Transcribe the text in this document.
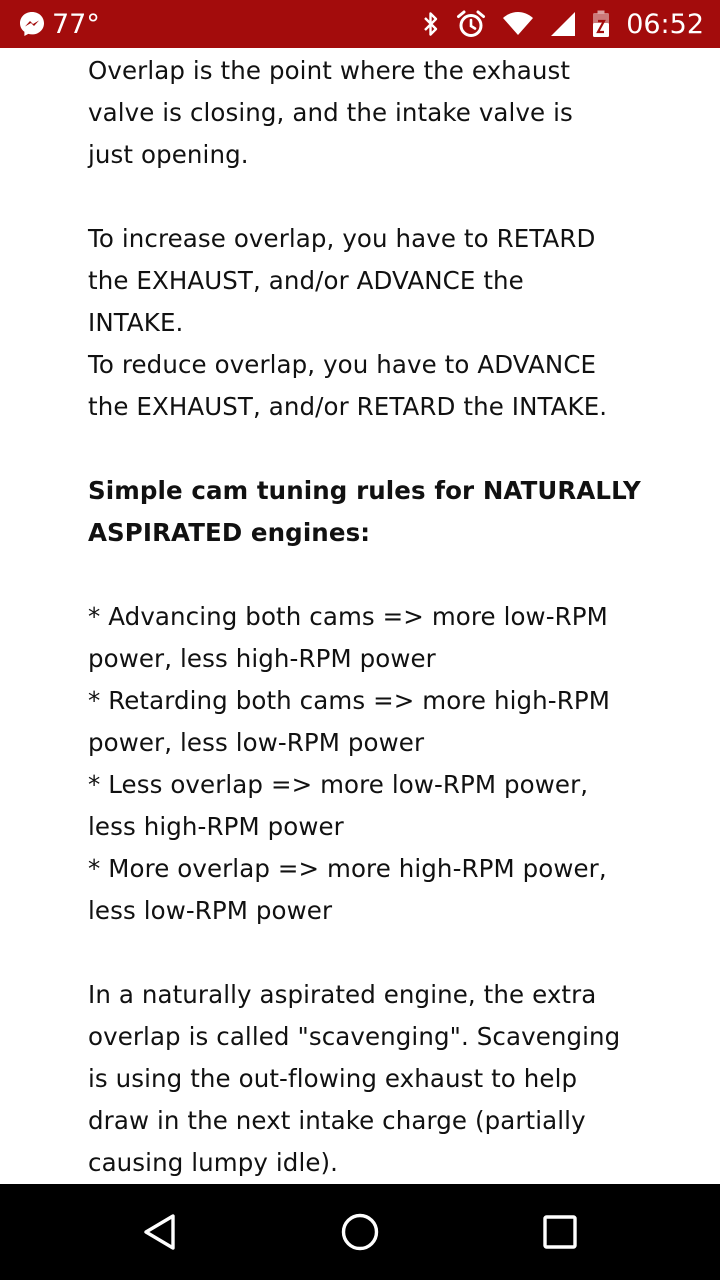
77°	06:52

Overlap is the point where the exhaust
valve is closing, and the intake valve is
just opening.

To increase overlap, you have to RETARD
the EXHAUST, and/or ADVANCE the
INTAKE.

To reduce overlap, you have to ADVANCE
the EXHAUST, and/or RETARD the INTAKE.

Simple cam tuning rules for NATURALLY
ASPIRATED engines:

* Advancing both cams => more low-RPM
power, less high-RPM power

* Retarding both cams => more high-RPM
power, less low-RPM power

* Less overlap => more low-RPM power,
less high-RPM power

* More overlap => more high-RPM power,
less low-RPM power

In a naturally aspirated engine, the extra
overlap is called "scavenging". Scavenging
is using the out-flowing exhaust to help
draw in the next intake charge (partially
causing lumpy idle).
